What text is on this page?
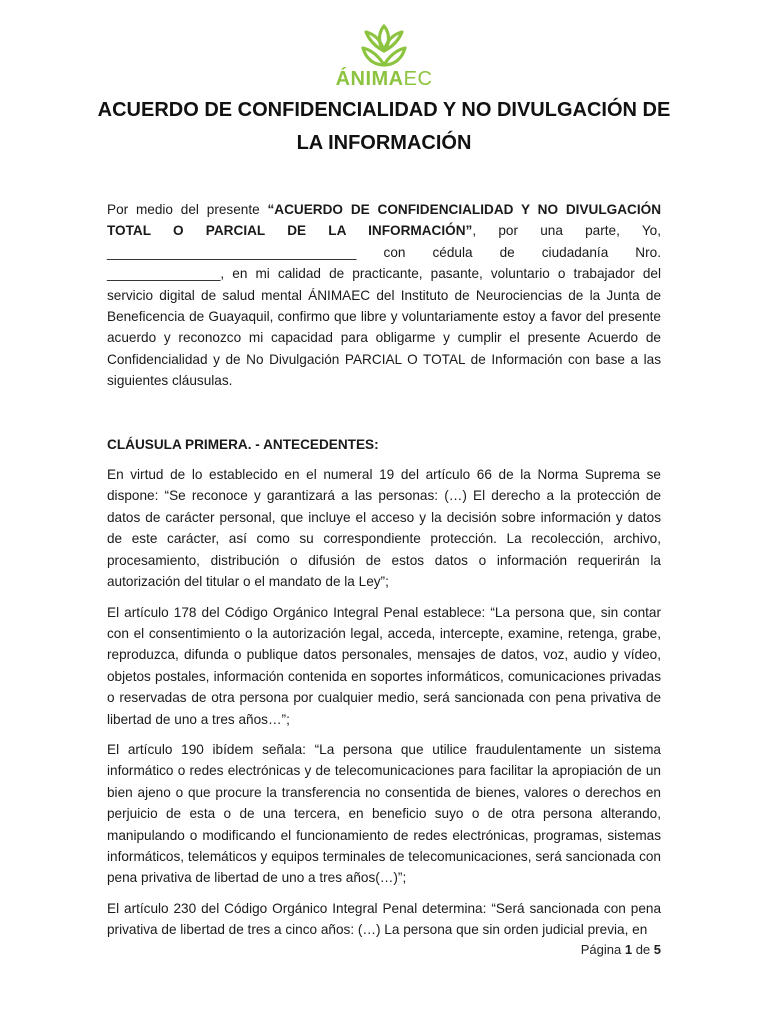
ÁNIMAEC
ACUERDO DE CONFIDENCIALIDAD Y NO DIVULGACIÓN DE
LA INFORMACIÓN

Por medio del presente “ACUERDO DE CONFIDENCIALIDAD Y NO DIVULGACIÓN TOTAL O PARCIAL DE LA INFORMACIÓN”, por una parte, Yo, _________________________________ con cédula de ciudadanía Nro. _______________, en mi calidad de practicante, pasante, voluntario o trabajador del servicio digital de salud mental ÁNIMAEC del Instituto de Neurociencias de la Junta de Beneficencia de Guayaquil, confirmo que libre y voluntariamente estoy a favor del presente acuerdo y reconozco mi capacidad para obligarme y cumplir el presente Acuerdo de Confidencialidad y de No Divulgación PARCIAL O TOTAL de Información con base a las siguientes cláusulas.

CLÁUSULA PRIMERA. - ANTECEDENTES:

En virtud de lo establecido en el numeral 19 del artículo 66 de la Norma Suprema se dispone: “Se reconoce y garantizará a las personas: (…) El derecho a la protección de datos de carácter personal, que incluye el acceso y la decisión sobre información y datos de este carácter, así como su correspondiente protección. La recolección, archivo, procesamiento, distribución o difusión de estos datos o información requerirán la autorización del titular o el mandato de la Ley”;

El artículo 178 del Código Orgánico Integral Penal establece: “La persona que, sin contar con el consentimiento o la autorización legal, acceda, intercepte, examine, retenga, grabe, reproduzca, difunda o publique datos personales, mensajes de datos, voz, audio y vídeo, objetos postales, información contenida en soportes informáticos, comunicaciones privadas o reservadas de otra persona por cualquier medio, será sancionada con pena privativa de libertad de uno a tres años…”;

El artículo 190 ibídem señala: “La persona que utilice fraudulentamente un sistema informático o redes electrónicas y de telecomunicaciones para facilitar la apropiación de un bien ajeno o que procure la transferencia no consentida de bienes, valores o derechos en perjuicio de esta o de una tercera, en beneficio suyo o de otra persona alterando, manipulando o modificando el funcionamiento de redes electrónicas, programas, sistemas informáticos, telemáticos y equipos terminales de telecomunicaciones, será sancionada con pena privativa de libertad de uno a tres años(…)”;

El artículo 230 del Código Orgánico Integral Penal determina: “Será sancionada con pena privativa de libertad de tres a cinco años: (…) La persona que sin orden judicial previa, en

Página 1 de 5
